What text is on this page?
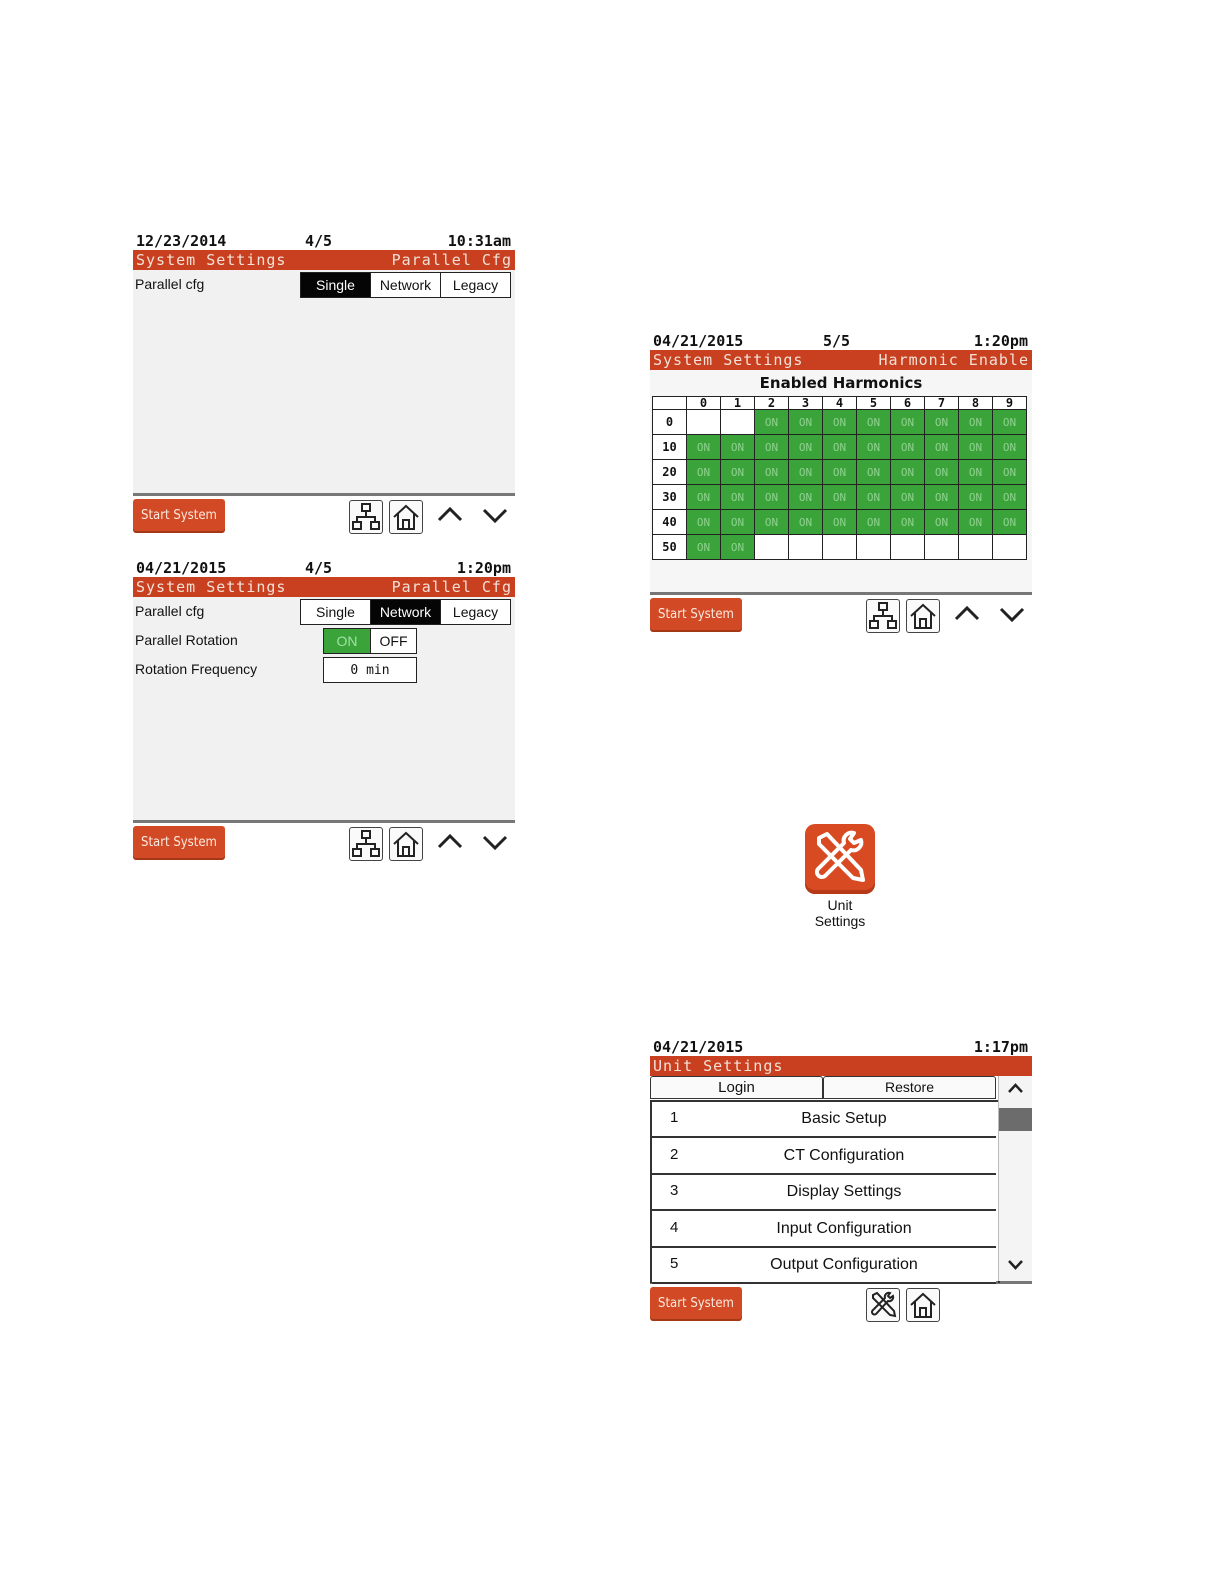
12/23/2014	4/5	10:31am
System Settings	Parallel Cfg
Parallel cfg	Single	Network	Legacy
Start System
04/21/2015	4/5	1:20pm
System Settings	Parallel Cfg
Parallel cfg	Single	Network	Legacy
Parallel Rotation	ON	OFF
Rotation Frequency	0 min
Start System
04/21/2015	5/5	1:20pm
System Settings	Harmonic Enable
Enabled Harmonics
	0	1	2	3	4	5	6	7	8	9
0			ON	ON	ON	ON	ON	ON	ON	ON
10	ON	ON	ON	ON	ON	ON	ON	ON	ON	ON
20	ON	ON	ON	ON	ON	ON	ON	ON	ON	ON
30	ON	ON	ON	ON	ON	ON	ON	ON	ON	ON
40	ON	ON	ON	ON	ON	ON	ON	ON	ON	ON
50	ON	ON								
Start System
Unit
Settings
04/21/2015	1:17pm
Unit Settings
Login	Restore
1	Basic Setup
2	CT Configuration
3	Display Settings
4	Input Configuration
5	Output Configuration
Start System
